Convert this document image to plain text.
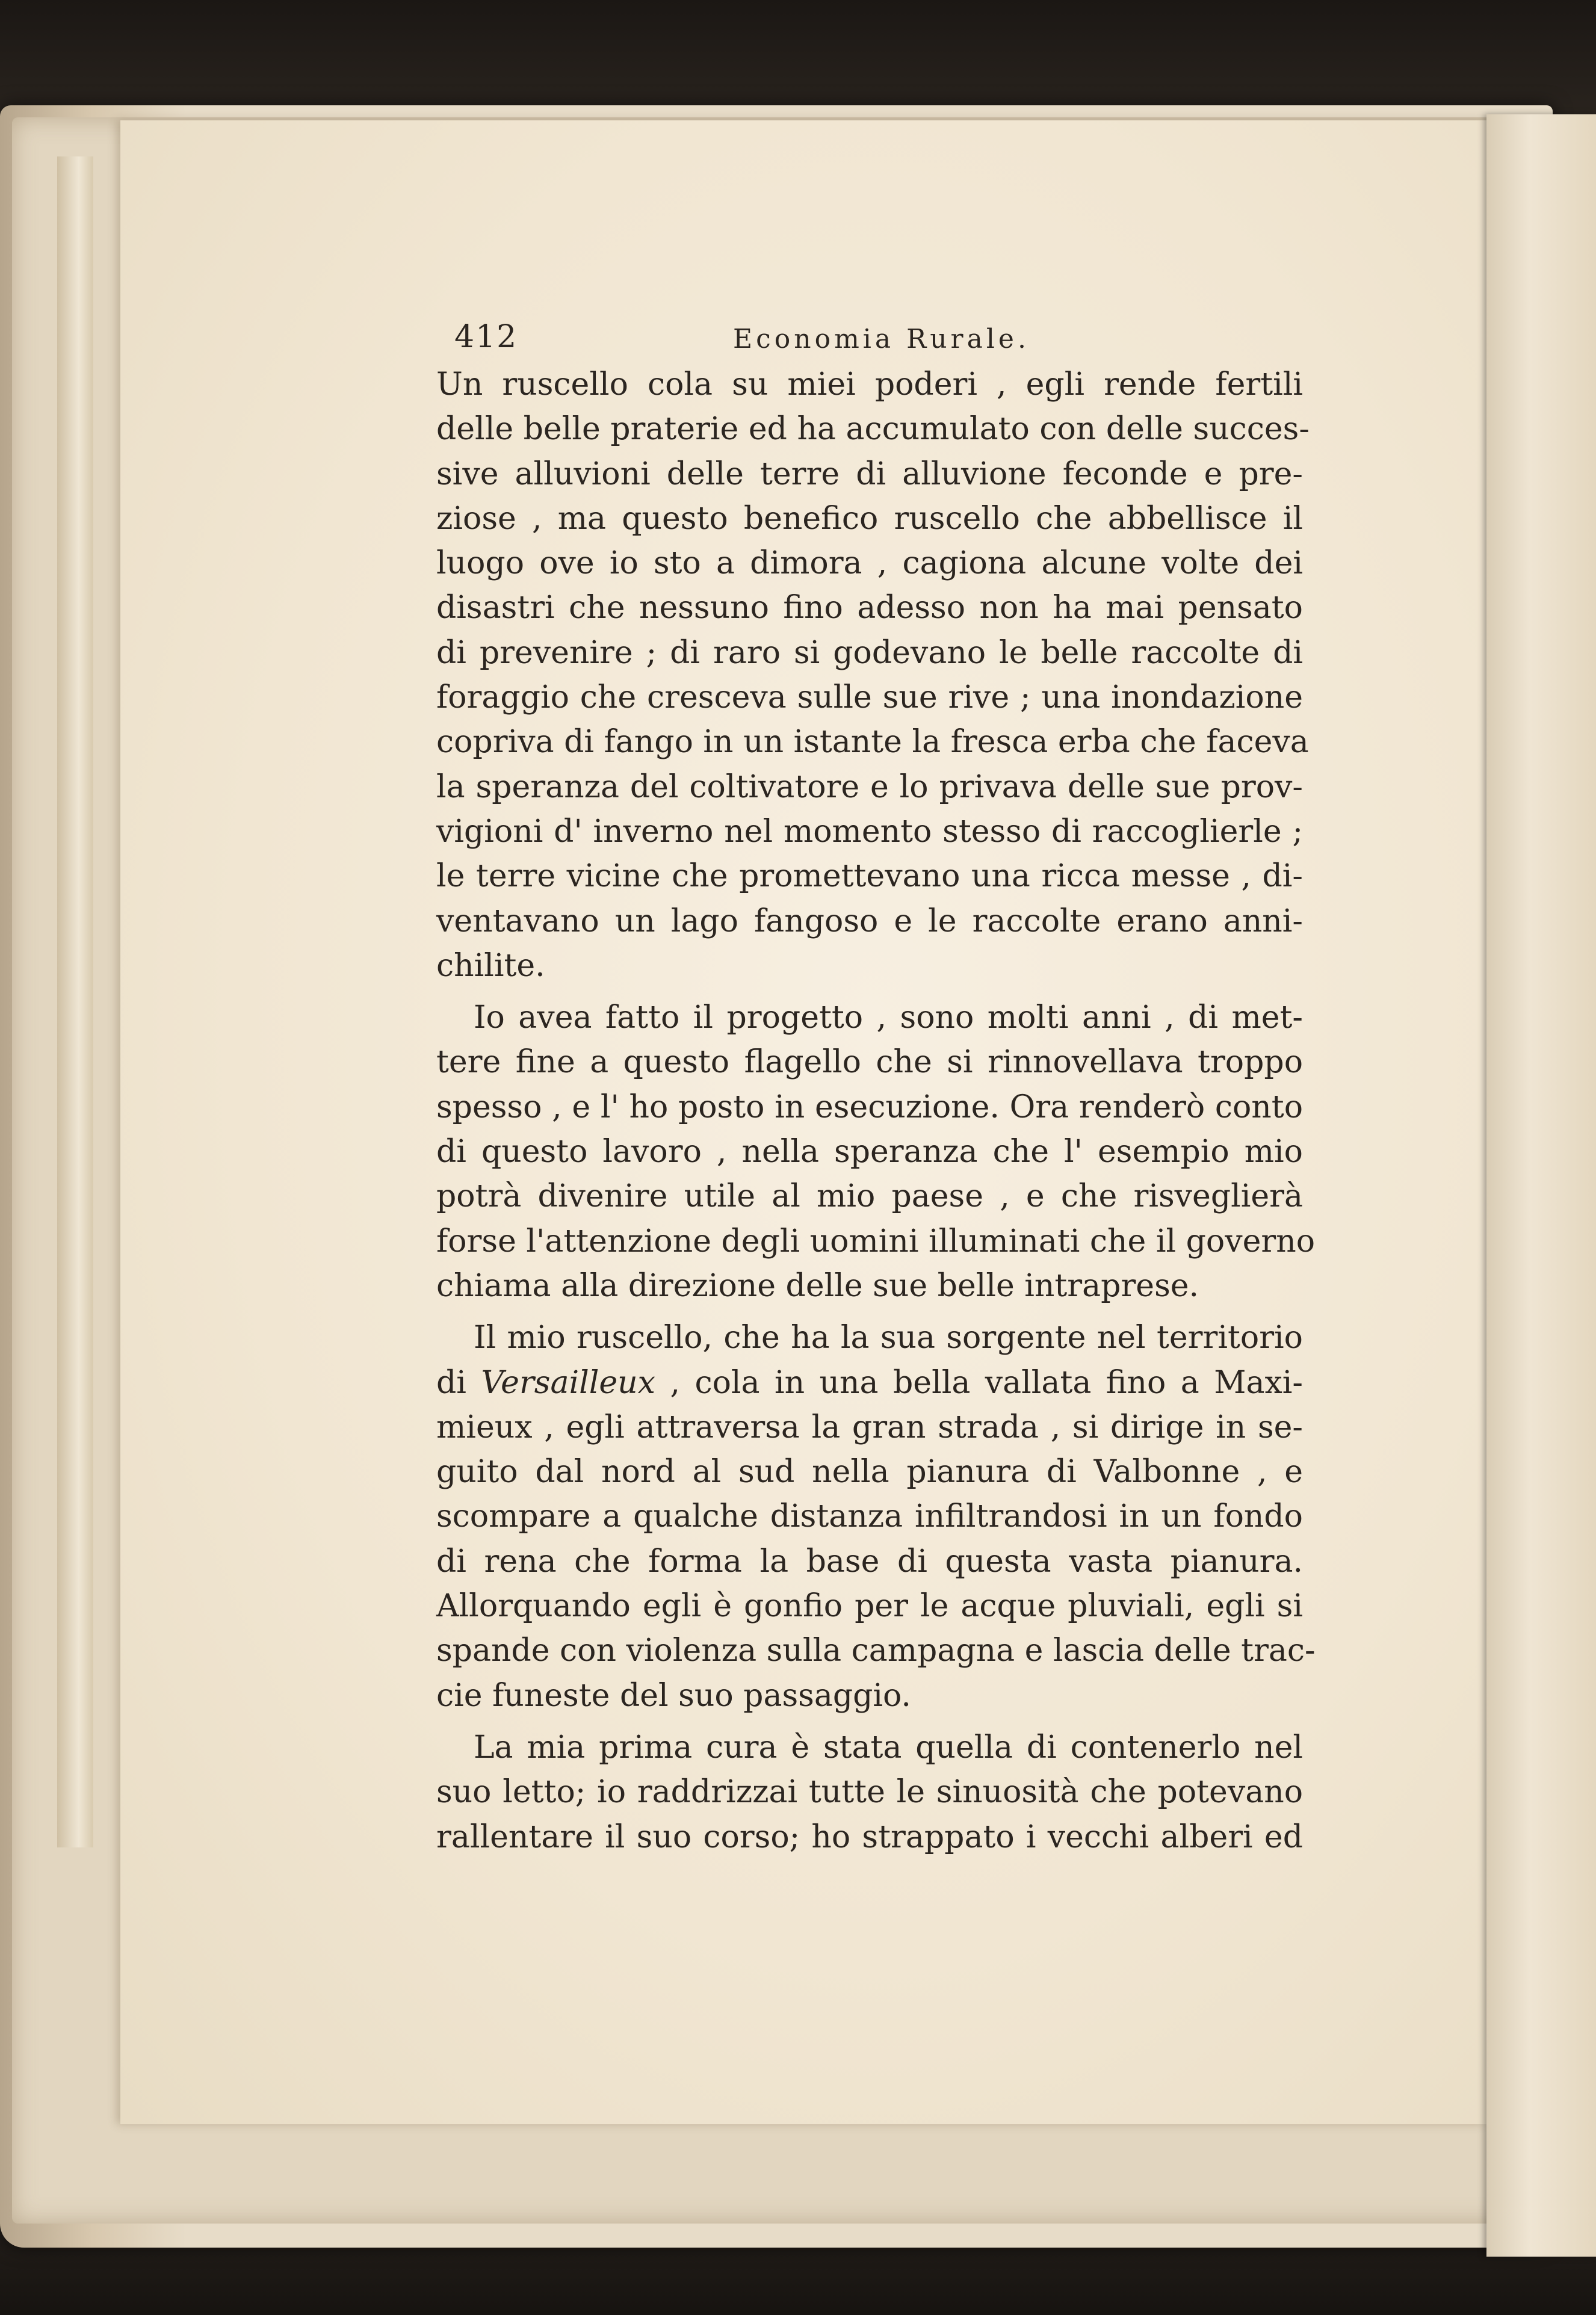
412	Economia Rurale.
Un ruscello cola su miei poderi , egli rende fertili
delle belle praterie ed ha accumulato con delle succes-
sive alluvioni delle terre di alluvione feconde e pre-
ziose , ma questo benefico ruscello che abbellisce il
luogo ove io sto a dimora , cagiona alcune volte dei
disastri che nessuno fino adesso non ha mai pensato
di prevenire ; di raro si godevano le belle raccolte di
foraggio che cresceva sulle sue rive ; una inondazione
copriva di fango in un istante la fresca erba che faceva
la speranza del coltivatore e lo privava delle sue prov-
vigioni d' inverno nel momento stesso di raccoglierle ;
le terre vicine che promettevano una ricca messe , di-
ventavano un lago fangoso e le raccolte erano anni-
chilite.
Io avea fatto il progetto , sono molti anni , di met-
tere fine a questo flagello che si rinnovellava troppo
spesso , e l' ho posto in esecuzione. Ora renderò conto
di questo lavoro , nella speranza che l' esempio mio
potrà divenire utile al mio paese , e che risveglierà
forse l'attenzione degli uomini illuminati che il governo
chiama alla direzione delle sue belle intraprese.
Il mio ruscello, che ha la sua sorgente nel territorio
di Versailleux , cola in una bella vallata fino a Maxi-
mieux , egli attraversa la gran strada , si dirige in se-
guito dal nord al sud nella pianura di Valbonne , e
scompare a qualche distanza infiltrandosi in un fondo
di rena che forma la base di questa vasta pianura.
Allorquando egli è gonfio per le acque pluviali, egli si
spande con violenza sulla campagna e lascia delle trac-
cie funeste del suo passaggio.
La mia prima cura è stata quella di contenerlo nel
suo letto; io raddrizzai tutte le sinuosità che potevano
rallentare il suo corso; ho strappato i vecchi alberi ed
